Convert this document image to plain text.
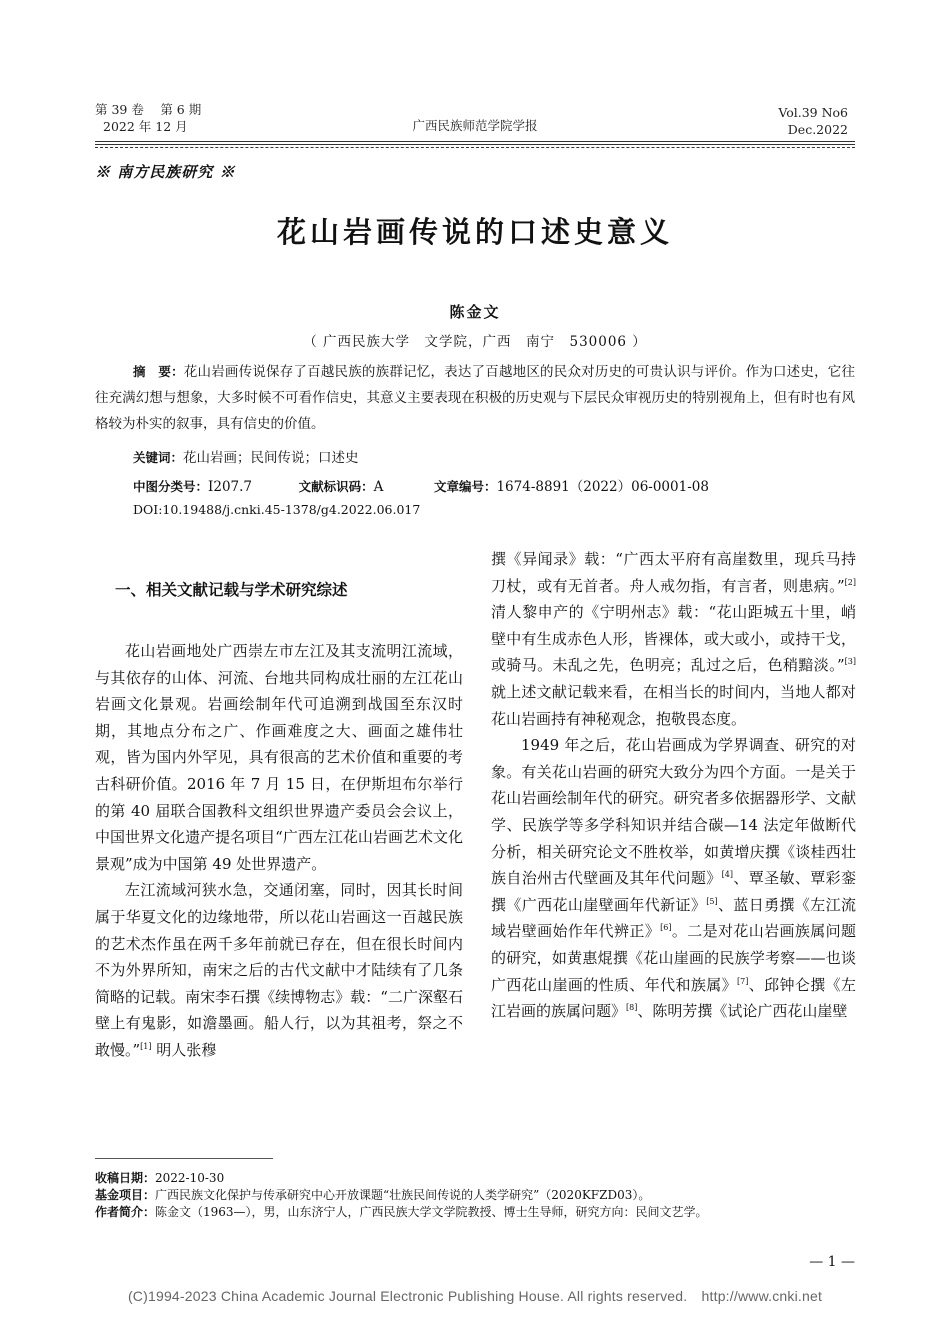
第 39 卷　 第 6 期
2022 年 12 月	广西民族师范学院学报
Vol.39 No6
Dec.2022
※ 南方民族研究 ※
花山岩画传说的口述史意义
陈金文
（ 广西民族大学　文学院，广西　南宁　530006 ）
摘　要：花山岩画传说保存了百越民族的族群记忆，表达了百越地区的民众对历史的可贵认识与评价。作为口述史，它往往充满幻想与想象，大多时候不可看作信史，其意义主要表现在积极的历史观与下层民众审视历史的特别视角上，但有时也有风格较为朴实的叙事，具有信史的价值。
关键词：花山岩画；民间传说；口述史
中图分类号：I207.7	文献标识码：A	文章编号：1674-8891（2022）06-0001-08
DOI:10.19488/j.cnki.45-1378/g4.2022.06.017
一、相关文献记载与学术研究综述

花山岩画地处广西崇左市左江及其支流明江流域，与其依存的山体、河流、台地共同构成壮丽的左江花山岩画文化景观。岩画绘制年代可追溯到战国至东汉时期，其地点分布之广、作画难度之大、画面之雄伟壮观，皆为国内外罕见，具有很高的艺术价值和重要的考古科研价值。2016 年 7 月 15 日，在伊斯坦布尔举行的第 40 届联合国教科文组织世界遗产委员会会议上，中国世界文化遗产提名项目“广西左江花山岩画艺术文化景观”成为中国第 49 处世界遗产。

左江流域河狭水急，交通闭塞，同时，因其长时间属于华夏文化的边缘地带，所以花山岩画这一百越民族的艺术杰作虽在两千多年前就已存在，但在很长时间内不为外界所知，南宋之后的古代文献中才陆续有了几条简略的记载。南宋李石撰《续博物志》载：“二广深壑石壁上有鬼影，如澹墨画。船人行，以为其祖考，祭之不敢慢。”[1] 明人张穆

撰《异闻录》载：“广西太平府有高崖数里，现兵马持刀杖，或有无首者。舟人戒勿指，有言者，则患病。”[2] 清人黎申产的《宁明州志》载：“花山距城五十里，峭壁中有生成赤色人形，皆裸体，或大或小，或持干戈，或骑马。未乱之先，色明亮；乱过之后，色稍黯淡。”[3] 就上述文献记载来看，在相当长的时间内，当地人都对花山岩画持有神秘观念，抱敬畏态度。

1949 年之后，花山岩画成为学界调查、研究的对象。有关花山岩画的研究大致分为四个方面。一是关于花山岩画绘制年代的研究。研究者多依据器形学、文献学、民族学等多学科知识并结合碳—14 法定年做断代分析，相关研究论文不胜枚举，如黄增庆撰《谈桂西壮族自治州古代壁画及其年代问题》[4]、覃圣敏、覃彩銮撰《广西花山崖壁画年代新证》[5]、蓝日勇撰《左江流域岩壁画始作年代辨正》[6]。二是对花山岩画族属问题的研究，如黄惠焜撰《花山崖画的民族学考察——也谈广西花山崖画的性质、年代和族属》[7]、邱钟仑撰《左江岩画的族属问题》[8]、陈明芳撰《试论广西花山崖壁

收稿日期：2022-10-30
基金项目：广西民族文化保护与传承研究中心开放课题“壮族民间传说的人类学研究”（2020KFZD03）。
作者简介：陈金文（1963—），男，山东济宁人，广西民族大学文学院教授、博士生导师，研究方向：民间文艺学。
— 1 —
(C)1994-2023 China Academic Journal Electronic Publishing House. All rights reserved.　http://www.cnki.net
